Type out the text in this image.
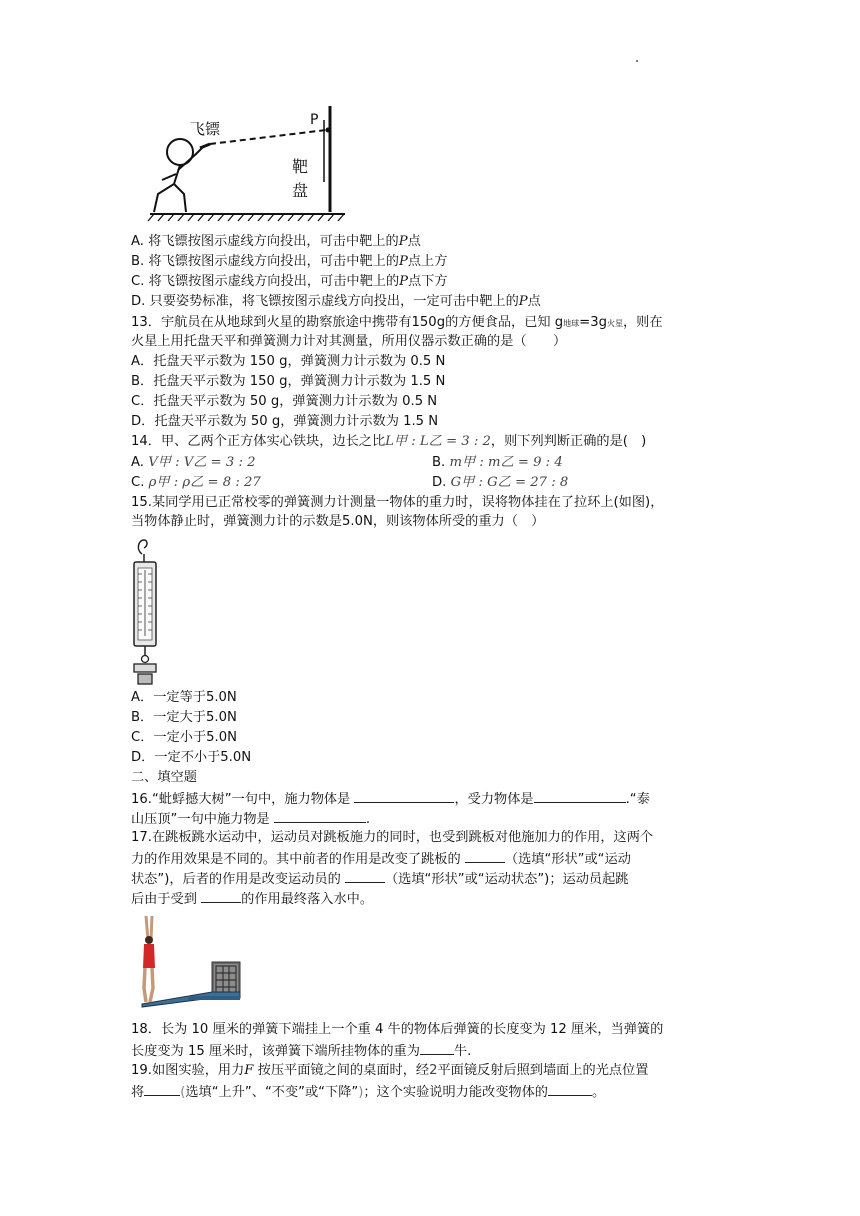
飞镖	P
靶
盘
A. 将飞镖按图示虚线方向投出，可击中靶上的P点
B. 将飞镖按图示虚线方向投出，可击中靶上的P点上方
C. 将飞镖按图示虚线方向投出，可击中靶上的P点下方
D. 只要姿势标准，将飞镖按图示虚线方向投出，一定可击中靶上的P点
13．宇航员在从地球到火星的勘察旅途中携带有150g的方便食品，已知 g地球=3g火星，则在
火星上用托盘天平和弹簧测力计对其测量，所用仪器示数正确的是（　　）
A．托盘天平示数为 150 g，弹簧测力计示数为 0.5 N
B．托盘天平示数为 150 g，弹簧测力计示数为 1.5 N
C．托盘天平示数为 50 g，弹簧测力计示数为 0.5 N
D．托盘天平示数为 50 g，弹簧测力计示数为 1.5 N
14．甲、乙两个正方体实心铁块，边长之比L甲 : L乙 = 3 : 2，则下列判断正确的是(　)
A. V甲 : V乙 = 3 : 2	B. m甲 : m乙 = 9 : 4
C. ρ甲 : ρ乙 = 8 : 27	D. G甲 : G乙 = 27 : 8
15.某同学用已正常校零的弹簧测力计测量一物体的重力时，误将物体挂在了拉环上(如图)，
当物体静止时，弹簧测力计的示数是5.0N，则该物体所受的重力（　）
A．一定等于5.0N
B．一定大于5.0N
C．一定小于5.0N
D．一定不小于5.0N
二、填空题
16.“蚍蜉撼大树”一句中，施力物体是	，受力物体是	.“泰
山压顶”一句中施力物是	.
17.在跳板跳水运动中，运动员对跳板施力的同时，也受到跳板对他施加力的作用，这两个
力的作用效果是不同的。其中前者的作用是改变了跳板的	（选填“形状”或“运动
状态”)，后者的作用是改变运动员的	（选填“形状”或“运动状态”)；运动员起跳
后由于受到	的作用最终落入水中。
18．长为 10 厘米的弹簧下端挂上一个重 4 牛的物体后弹簧的长度变为 12 厘米，当弹簧的
长度变为 15 厘米时，该弹簧下端所挂物体的重为	牛.
19.如图实验，用力F 按压平面镜之间的桌面时，经2平面镜反射后照到墙面上的光点位置
将	(选填“上升”、“不变”或“下降”)；这个实验说明力能改变物体的	。
